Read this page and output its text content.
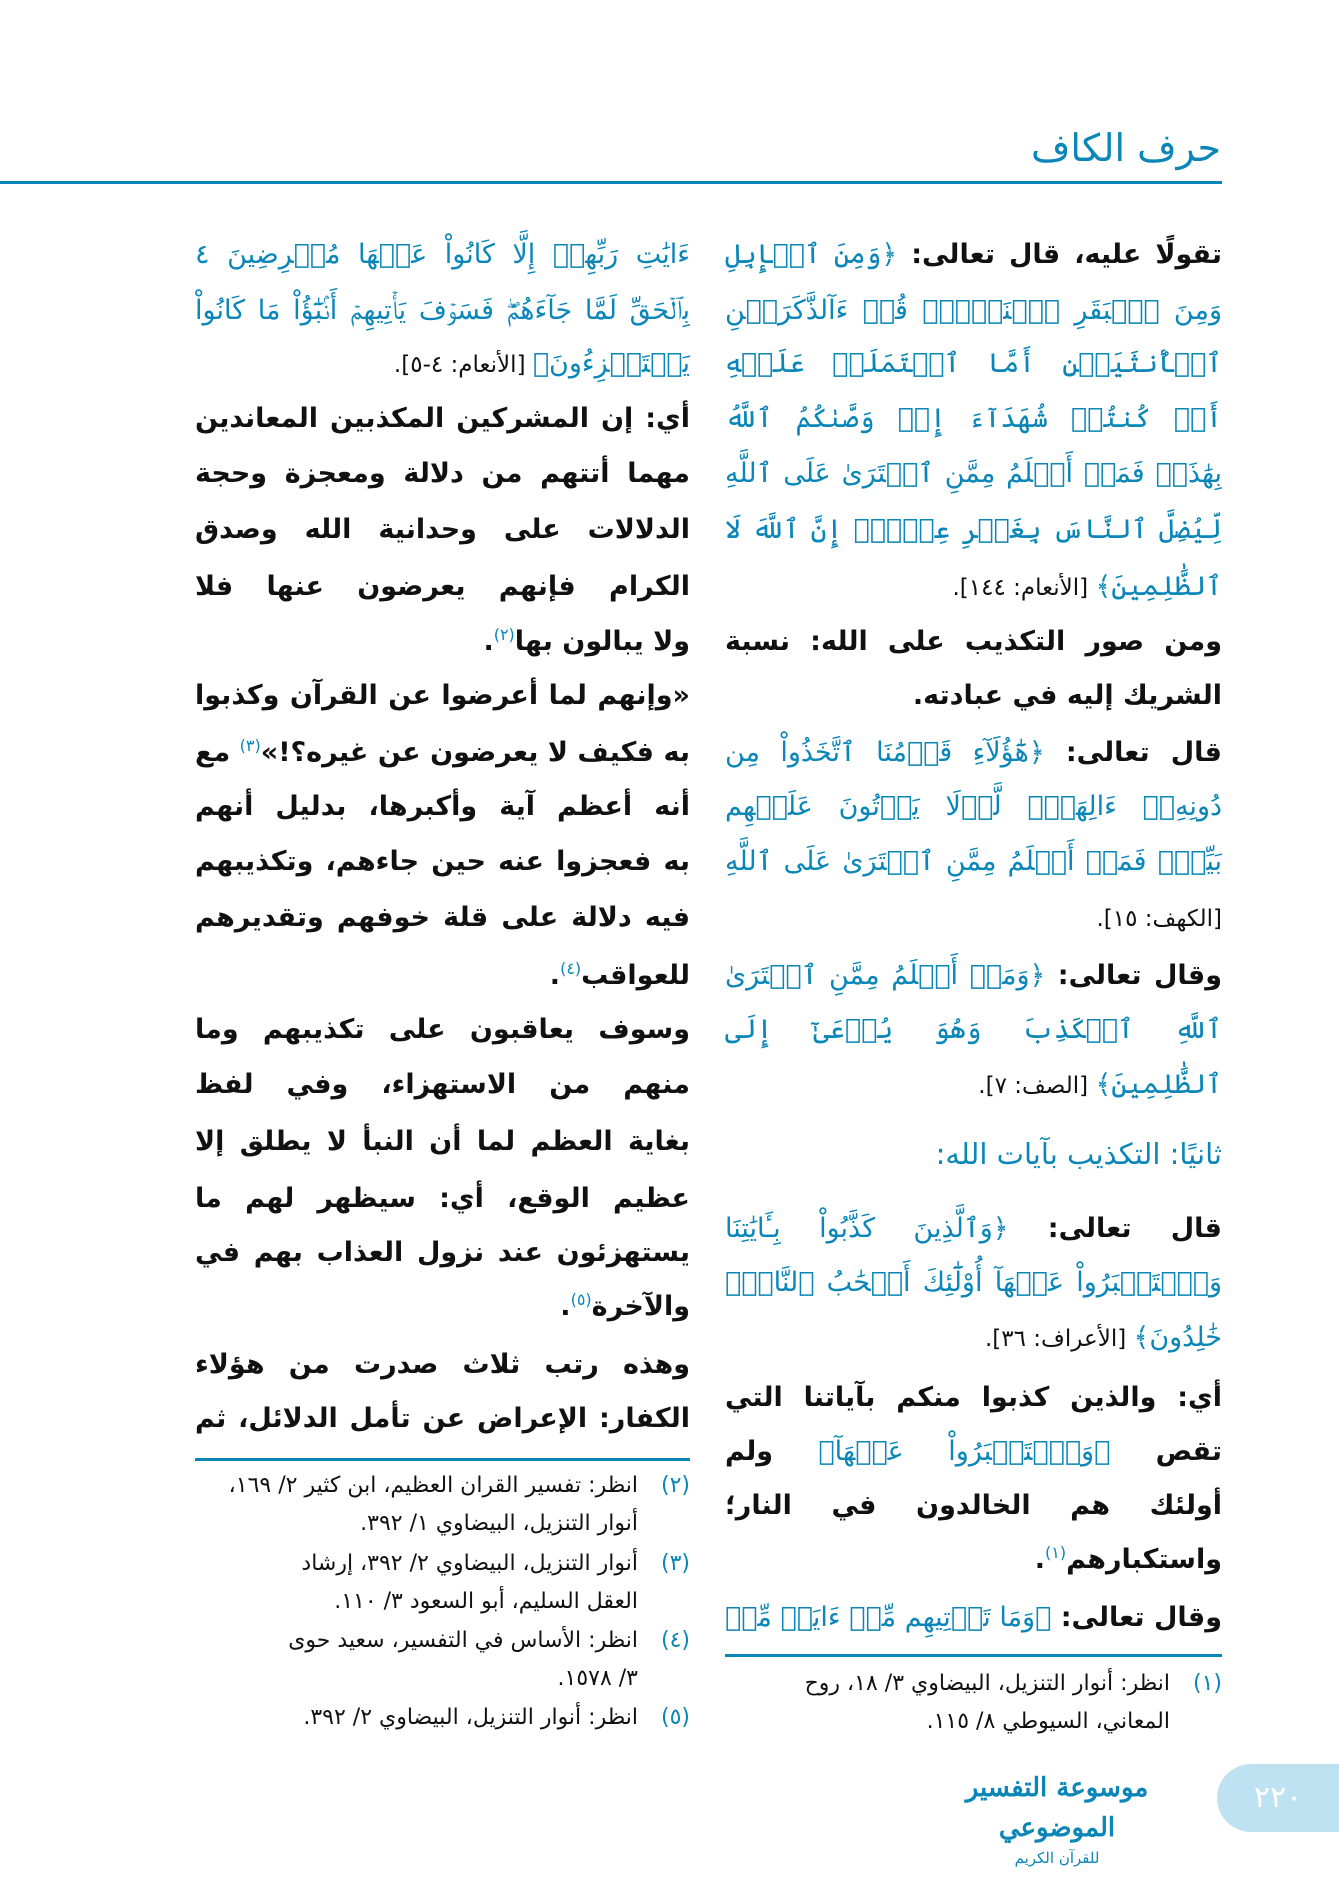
حرف الكاف
تقولًا عليه، قال تعالى: ﴿وَمِنَ ٱلۡإِبِلِ
وَمِنَ ٱلۡبَقَرِ ٱثۡنَيۡنِۗ قُلۡ ءَآلذَّكَرَيۡنِ
ٱلۡأُنثَيَيۡنِ أَمَّا ٱشۡتَمَلَتۡ عَلَيۡهِ
أَمۡ كُنتُمۡ شُهَدَآءَ إِذۡ وَصَّىٰكُمُ ٱللَّهُ
بِهَٰذَاۚ فَمَنۡ أَظۡلَمُ مِمَّنِ ٱفۡتَرَىٰ عَلَى ٱللَّهِ
لِّيُضِلَّ ٱلنَّاسَ بِغَيۡرِ عِلۡمٍۚ إِنَّ ٱللَّهَ لَا
ٱلظَّٰلِمِينَ﴾ [الأنعام: ١٤٤].
ومن صور التكذيب على الله: نسبة
الشريك إليه في عبادته.
قال تعالى: ﴿هَٰٓؤُلَآءِ قَوۡمُنَا ٱتَّخَذُواْ مِن
دُونِهِۦٓ ءَالِهَةٗۖ لَّوۡلَا يَأۡتُونَ عَلَيۡهِم
بَيِّنٖۖ فَمَنۡ أَظۡلَمُ مِمَّنِ ٱفۡتَرَىٰ عَلَى ٱللَّهِ
[الكهف: ١٥].
وقال تعالى: ﴿وَمَنۡ أَظۡلَمُ مِمَّنِ ٱفۡتَرَىٰ
ٱللَّهِ ٱلۡكَذِبَ وَهُوَ يُدۡعَىٰٓ إِلَى
ٱلظَّٰلِمِينَ﴾ [الصف: ٧].
ثانيًا: التكذيب بآيات الله:
قال تعالى: ﴿وَٱلَّذِينَ كَذَّبُواْ بِـَٔايَٰتِنَا
وَٱسۡتَكۡبَرُواْ عَنۡهَآ أُوْلَٰٓئِكَ أَصۡحَٰبُ ٱلنَّارِۖ
خَٰلِدُونَ﴾ [الأعراف: ٣٦].
أي: والذين كذبوا منكم بآياتنا التي
تقص ﴿وَٱسۡتَكۡبَرُواْ عَنۡهَآ﴾ ولم
أولئك هم الخالدون في النار؛
واستكبارهم$^{(١)}$.
وقال تعالى: ﴿وَمَا تَأۡتِيهِم مِّنۡ ءَايَةٖ مِّنۡ
(١)انظر: أنوار التنزيل، البيضاوي ٣/ ١٨، روح
المعاني، السيوطي ٨/ ١١٥.
ءَايَٰتِ رَبِّهِمۡ إِلَّا كَانُواْ عَنۡهَا مُعۡرِضِينَ ٤
بِٱلۡحَقِّ لَمَّا جَآءَهُمۡۖ فَسَوۡفَ يَأۡتِيهِمۡ أَنۢبَٰٓؤُاْ مَا كَانُواْ
يَسۡتَهۡزِءُونَ﴾ [الأنعام: ٤-٥].
أي: إن المشركين المكذبين المعاندين
مهما أتتهم من دلالة ومعجزة وحجة
الدلالات على وحدانية الله وصدق
الكرام فإنهم يعرضون عنها فلا
ولا يبالون بها$^{(٢)}$.
«وإنهم لما أعرضوا عن القرآن وكذبوا
به فكيف لا يعرضون عن غيره؟!»$^{(٣)}$ مع
أنه أعظم آية وأكبرها، بدليل أنهم
به فعجزوا عنه حين جاءهم، وتكذيبهم
فيه دلالة على قلة خوفهم وتقديرهم
للعواقب$^{(٤)}$.
وسوف يعاقبون على تكذيبهم وما
منهم من الاستهزاء، وفي لفظ
بغاية العظم لما أن النبأ لا يطلق إلا
عظيم الوقع، أي: سيظهر لهم ما
يستهزئون عند نزول العذاب بهم في
والآخرة$^{(٥)}$.
وهذه رتب ثلاث صدرت من هؤلاء
الكفار: الإعراض عن تأمل الدلائل، ثم
(٢)انظر: تفسير القران العظيم، ابن كثير ٢/ ١٦٩،
أنوار التنزيل، البيضاوي ١/ ٣٩٢.
(٣)أنوار التنزيل، البيضاوي ٢/ ٣٩٢، إرشاد
العقل السليم، أبو السعود ٣/ ١١٠.
(٤)انظر: الأساس في التفسير، سعيد حوى
٣/ ١٥٧٨.
(٥)انظر: أنوار التنزيل، البيضاوي ٢/ ٣٩٢.
٢٢٠
موسوعة التفسير الموضوعي
للقرآن الكريم
